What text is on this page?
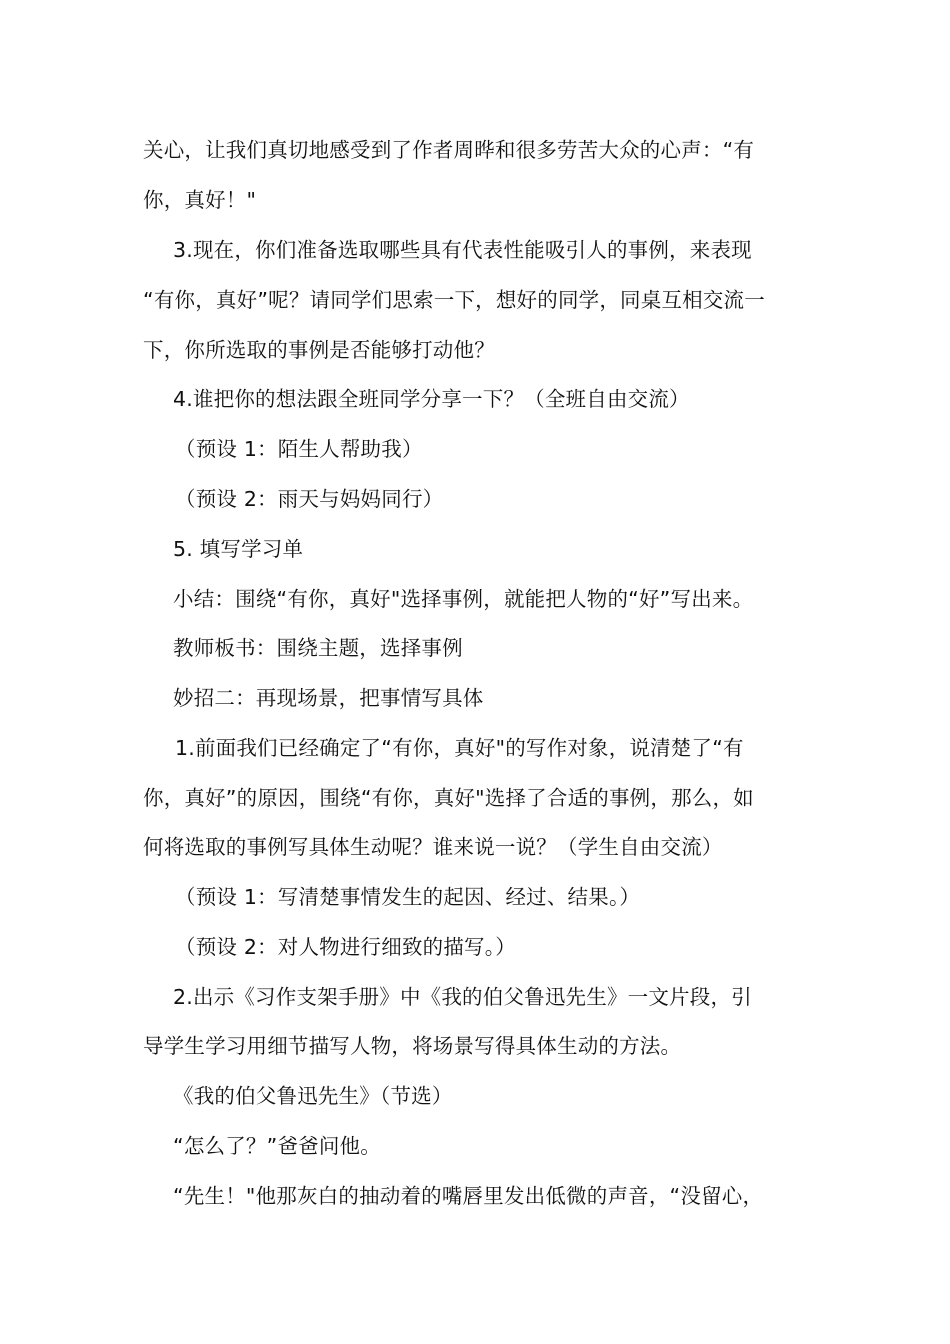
关心，让我们真切地感受到了作者周晔和很多劳苦大众的心声：“有
你，真好！"
3.现在，你们准备选取哪些具有代表性能吸引人的事例，来表现
“有你，真好”呢？请同学们思索一下，想好的同学，同桌互相交流一
下，你所选取的事例是否能够打动他？
4.谁把你的想法跟全班同学分享一下？（全班自由交流）
（预设 1：陌生人帮助我）
（预设 2：雨天与妈妈同行）
5. 填写学习单
小结：围绕“有你，真好"选择事例，就能把人物的“好”写出来。
教师板书：围绕主题，选择事例
妙招二：再现场景，把事情写具体
1.前面我们已经确定了“有你，真好"的写作对象，说清楚了“有
你，真好”的原因，围绕“有你，真好"选择了合适的事例，那么，如
何将选取的事例写具体生动呢？谁来说一说？（学生自由交流）
（预设 1：写清楚事情发生的起因、经过、结果。）
（预设 2：对人物进行细致的描写。）
2.出示《习作支架手册》中《我的伯父鲁迅先生》一文片段，引
导学生学习用细节描写人物，将场景写得具体生动的方法。
《我的伯父鲁迅先生》（节选）
“怎么了？”爸爸问他。
“先生！"他那灰白的抽动着的嘴唇里发出低微的声音，“没留心，
